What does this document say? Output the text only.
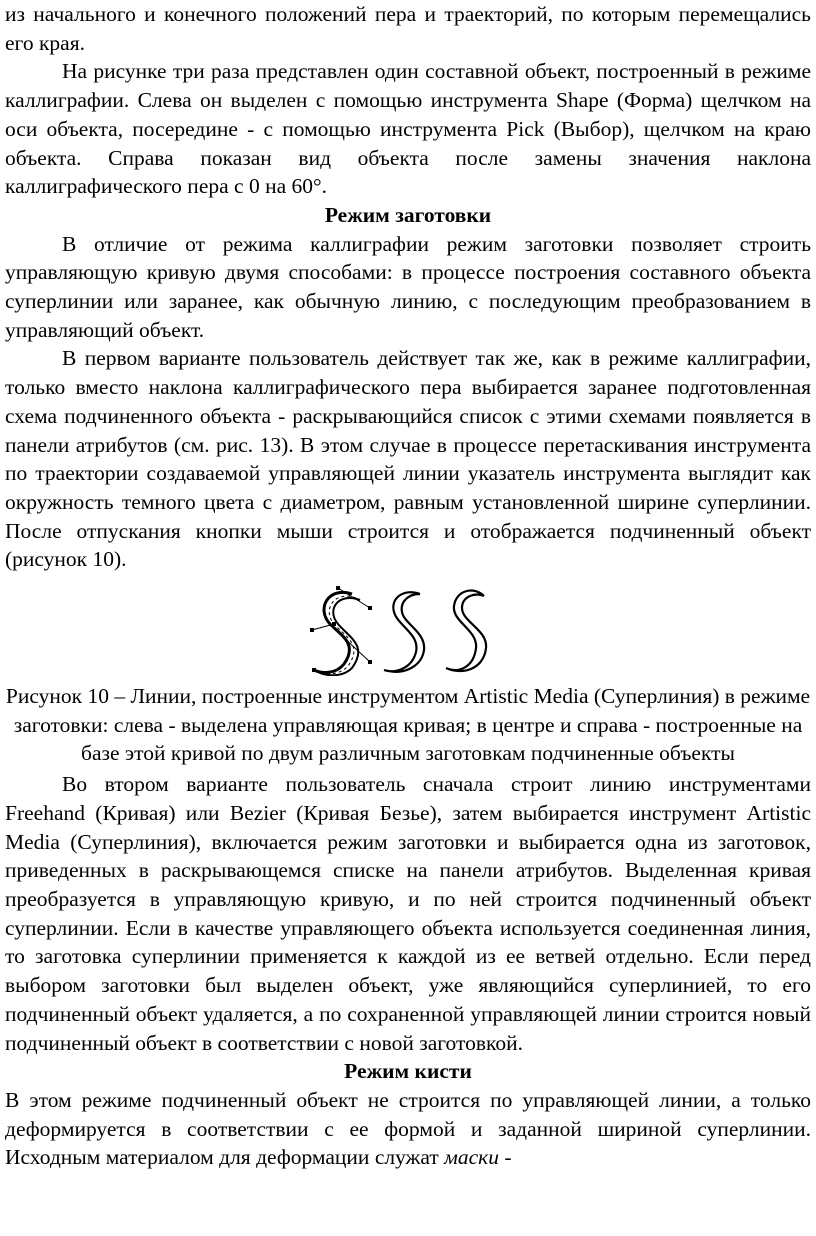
из начального и конечного положений пера и траекторий, по которым перемещались его края.

На рисунке три раза представлен один составной объект, построенный в режиме каллиграфии. Слева он выделен с помощью инструмента Shape (Форма) щелчком на оси объекта, посередине - с помощью инструмента Pick (Выбор), щелчком на краю объекта. Справа показан вид объекта после замены значения наклона каллиграфического пера с 0 на 60°.

Режим заготовки

В отличие от режима каллиграфии режим заготовки позволяет строить управляющую кривую двумя способами: в процессе построения составного объекта суперлинии или заранее, как обычную линию, с последующим преобразованием в управляющий объект.

В первом варианте пользователь действует так же, как в режиме каллиграфии, только вместо наклона каллиграфического пера выбирается заранее подготовленная схема подчиненного объекта - раскрывающийся список с этими схемами появляется в панели атрибутов (см. рис. 13). В этом случае в процессе перетаскивания инструмента по траектории создаваемой управляющей линии указатель инструмента выглядит как окружность темного цвета с диаметром, равным установленной ширине суперлинии. После отпускания кнопки мыши строится и отображается подчиненный объект (рисунок 10).

Рисунок 10 – Линии, построенные инструментом Artistic Media (Суперлиния) в режиме заготовки: слева - выделена управляющая кривая; в центре и справа - построенные на базе этой кривой по двум различным заготовкам подчиненные объекты

Во втором варианте пользователь сначала строит линию инструментами Freehand (Кривая) или Bezier (Кривая Безье), затем выбирается инструмент Artistic Media (Суперлиния), включается режим заготовки и выбирается одна из заготовок, приведенных в раскрывающемся списке на панели атрибутов. Выделенная кривая преобразуется в управляющую кривую, и по ней строится подчиненный объект суперлинии. Если в качестве управляющего объекта используется соединенная линия, то заготовка суперлинии применяется к каждой из ее ветвей отдельно. Если перед выбором заготовки был выделен объект, уже являющийся суперлинией, то его подчиненный объект удаляется, а по сохраненной управляющей линии строится новый подчиненный объект в соответствии с новой заготовкой.

Режим кисти

В этом режиме подчиненный объект не строится по управляющей линии, а только деформируется в соответствии с ее формой и заданной шириной суперлинии. Исходным материалом для деформации служат маски -
